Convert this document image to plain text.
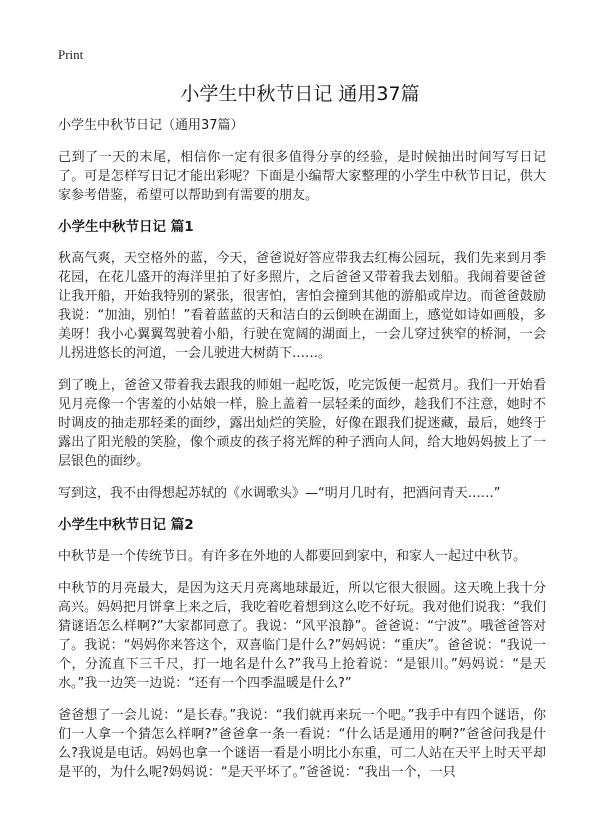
Print
小学生中秋节日记 通用37篇

小学生中秋节日记（通用37篇）

己到了一天的末尾，相信你一定有很多值得分享的经验，是时候抽出时间写写日记了。可是怎样写日记才能出彩呢？下面是小编帮大家整理的小学生中秋节日记，供大家参考借鉴，希望可以帮助到有需要的朋友。

小学生中秋节日记 篇1

秋高气爽，天空格外的蓝，今天，爸爸说好答应带我去红梅公园玩，我们先来到月季花园，在花儿盛开的海洋里拍了好多照片，之后爸爸又带着我去划船。我闹着要爸爸让我开船，开始我特别的紧张，很害怕，害怕会撞到其他的游船或岸边。而爸爸鼓励我说：“加油，别怕！”看着蓝蓝的天和洁白的云倒映在湖面上，感觉如诗如画般，多美呀！我小心翼翼驾驶着小船，行驶在宽阔的湖面上，一会儿穿过狭窄的桥洞，一会儿拐进悠长的河道，一会儿驶进大树荫下……。

到了晚上，爸爸又带着我去跟我的师姐一起吃饭，吃完饭便一起赏月。我们一开始看见月亮像一个害羞的小姑娘一样，脸上盖着一层轻柔的面纱，趁我们不注意，她时不时调皮的抽走那轻柔的面纱，露出灿烂的笑脸，好像在跟我们捉迷藏，最后，她终于露出了阳光般的笑脸，像个顽皮的孩子将光辉的种子洒向人间，给大地妈妈披上了一层银色的面纱。

写到这，我不由得想起苏轼的《水调歌头》—“明月几时有，把酒问青天……”

小学生中秋节日记 篇2

中秋节是一个传统节日。有许多在外地的人都要回到家中，和家人一起过中秋节。

中秋节的月亮最大，是因为这天月亮离地球最近，所以它很大很圆。这天晚上我十分高兴。妈妈把月饼拿上来之后，我吃着吃着想到这么吃不好玩。我对他们说我：“我们猜谜语怎么样啊?”大家都同意了。我说：“风平浪静”。爸爸说：“宁波”。哦爸爸答对了。我说：“妈妈你来答这个，双喜临门是什么?”妈妈说：“重庆”。爸爸说：“我说一个，分流直下三千尺，打一地名是什么?”我马上抢着说：“是银川。”妈妈说：“是天水。”我一边笑一边说：“还有一个四季温暖是什么?”

爸爸想了一会儿说：“是长春。”我说：“我们就再来玩一个吧。”我手中有四个谜语，你们一人拿一个猜怎么样啊?”爸爸拿一条一看说：“什么话是通用的啊?”爸爸问我是什么?我说是电话。妈妈也拿一个谜语一看是小明比小东重，可二人站在天平上时天平却是平的，为什么呢?妈妈说：“是天平坏了。”爸爸说：“我出一个，一只
